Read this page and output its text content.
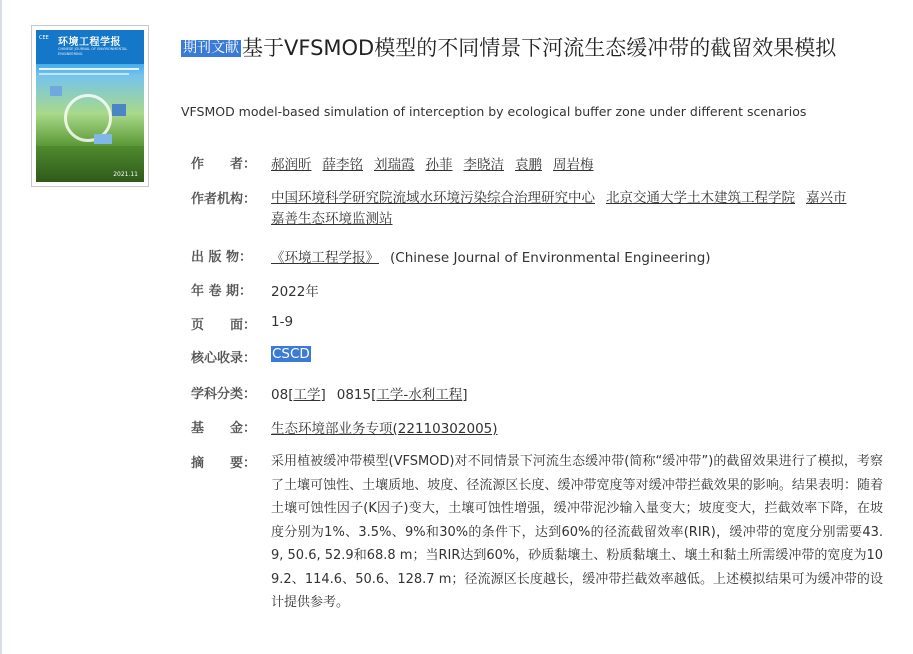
CEE 环境工程学报
CHINESE JOURNAL OF ENVIRONMENTAL ENGINEERING
2021.11
期刊文献 基于VFSMOD模型的不同情景下河流生态缓冲带的截留效果模拟
VFSMOD model-based simulation of interception by ecological buffer zone under different scenarios
作　　者： 郝润昕 薛李铭 刘瑞霞 孙菲 李晓洁 袁鹏 周岩梅
作者机构： 中国环境科学研究院流域水环境污染综合治理研究中心 北京交通大学土木建筑工程学院 嘉兴市
嘉善生态环境监测站
出 版 物：	《环境工程学报》 (Chinese Journal of Environmental Engineering)
年 卷 期：	2022年
页　　面： 1-9
核心收录： CSCD
学科分类： 08[工学] 0815[工学-水利工程]
基　　金： 生态环境部业务专项(22110302005)
摘　　要： 采用植被缓冲带模型(VFSMOD)对不同情景下河流生态缓冲带(简称“缓冲带”)的截留效果进行了模拟，考察了土壤可蚀性、土壤质地、坡度、径流源区长度、缓冲带宽度等对缓冲带拦截效果的影响。结果表明：随着土壤可蚀性因子(K因子)变大，土壤可蚀性增强，缓冲带泥沙输入量变大；坡度变大，拦截效率下降，在坡度分别为1%、3.5%、9%和30%的条件下，达到60%的径流截留效率(RIR)，缓冲带的宽度分别需要43.9, 50.6, 52.9和68.8 m；当RIR达到60%，砂质黏壤土、粉质黏壤土、壤土和黏土所需缓冲带的宽度为109.2、114.6、50.6、128.7 m；径流源区长度越长，缓冲带拦截效率越低。上述模拟结果可为缓冲带的设计提供参考。
